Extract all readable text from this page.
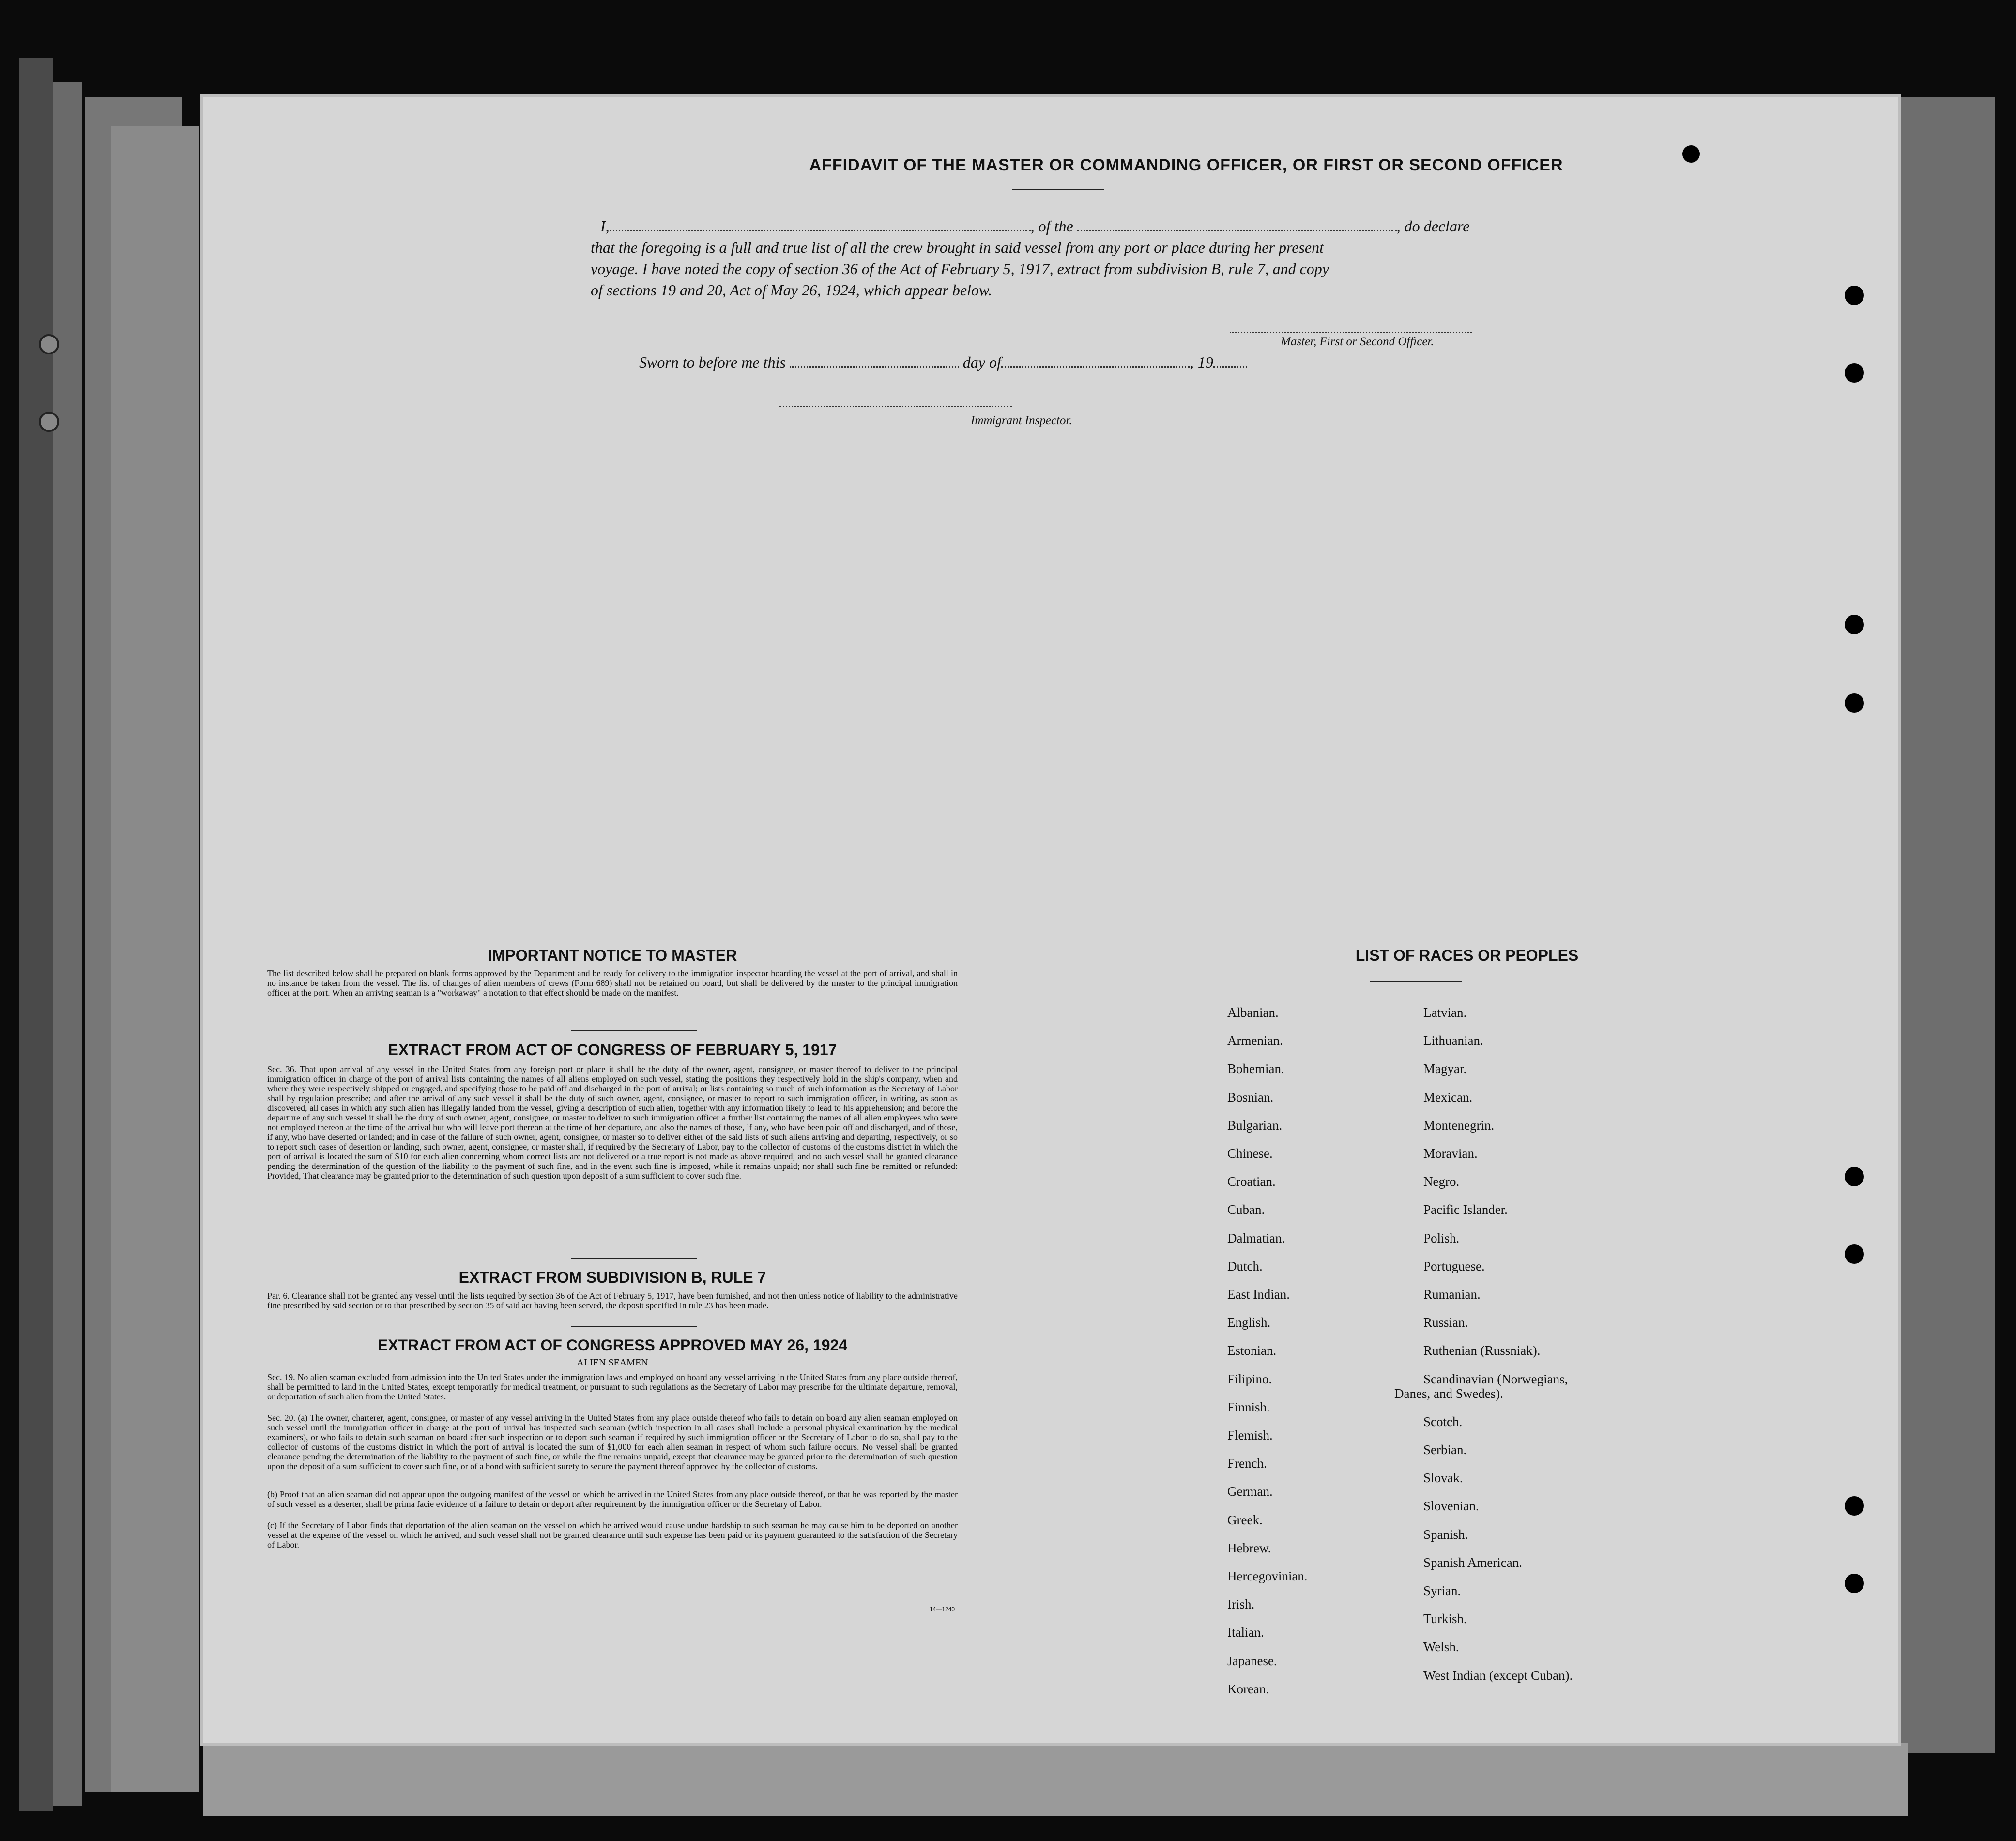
AFFIDAVIT OF THE MASTER OR COMMANDING OFFICER, OR FIRST OR SECOND OFFICER
I,	, of the	, do declare
that the foregoing is a full and true list of all the crew brought in said vessel from any port or place during her present
voyage. I have noted the copy of section 36 of the Act of February 5, 1917, extract from subdivision B, rule 7, and copy
of sections 19 and 20, Act of May 26, 1924, which appear below.
Master, First or Second Officer.
Sworn to before me this	day of	, 19
Immigrant Inspector.
IMPORTANT NOTICE TO MASTER
The list described below shall be prepared on blank forms approved by the Department and be ready for delivery to the immigration inspector boarding the vessel at the port of arrival, and shall in no instance be taken from the vessel. The list of changes of alien members of crews (Form 689) shall not be retained on board, but shall be delivered by the master to the principal immigration officer at the port. When an arriving seaman is a "workaway" a notation to that effect should be made on the manifest.
EXTRACT FROM ACT OF CONGRESS OF FEBRUARY 5, 1917
Sec. 36. That upon arrival of any vessel in the United States from any foreign port or place it shall be the duty of the owner, agent, consignee, or master thereof to deliver to the principal immigration officer in charge of the port of arrival lists containing the names of all aliens employed on such vessel, stating the positions they respectively hold in the ship's company, when and where they were respectively shipped or engaged, and specifying those to be paid off and discharged in the port of arrival; or lists containing so much of such information as the Secretary of Labor shall by regulation prescribe; and after the arrival of any such vessel it shall be the duty of such owner, agent, consignee, or master to report to such immigration officer, in writing, as soon as discovered, all cases in which any such alien has illegally landed from the vessel, giving a description of such alien, together with any information likely to lead to his apprehension; and before the departure of any such vessel it shall be the duty of such owner, agent, consignee, or master to deliver to such immigration officer a further list containing the names of all alien employees who were not employed thereon at the time of the arrival but who will leave port thereon at the time of her departure, and also the names of those, if any, who have been paid off and discharged, and of those, if any, who have deserted or landed; and in case of the failure of such owner, agent, consignee, or master so to deliver either of the said lists of such aliens arriving and departing, respectively, or so to report such cases of desertion or landing, such owner, agent, consignee, or master shall, if required by the Secretary of Labor, pay to the collector of customs of the customs district in which the port of arrival is located the sum of $10 for each alien concerning whom correct lists are not delivered or a true report is not made as above required; and no such vessel shall be granted clearance pending the determination of the question of the liability to the payment of such fine, and in the event such fine is imposed, while it remains unpaid; nor shall such fine be remitted or refunded: Provided, That clearance may be granted prior to the determination of such question upon deposit of a sum sufficient to cover such fine.
EXTRACT FROM SUBDIVISION B, RULE 7
Par. 6. Clearance shall not be granted any vessel until the lists required by section 36 of the Act of February 5, 1917, have been furnished, and not then unless notice of liability to the administrative fine prescribed by said section or to that prescribed by section 35 of said act having been served, the deposit specified in rule 23 has been made.
EXTRACT FROM ACT OF CONGRESS APPROVED MAY 26, 1924
ALIEN SEAMEN
Sec. 19. No alien seaman excluded from admission into the United States under the immigration laws and employed on board any vessel arriving in the United States from any place outside thereof, shall be permitted to land in the United States, except temporarily for medical treatment, or pursuant to such regulations as the Secretary of Labor may prescribe for the ultimate departure, removal, or deportation of such alien from the United States.
Sec. 20. (a) The owner, charterer, agent, consignee, or master of any vessel arriving in the United States from any place outside thereof who fails to detain on board any alien seaman employed on such vessel until the immigration officer in charge at the port of arrival has inspected such seaman (which inspection in all cases shall include a personal physical examination by the medical examiners), or who fails to detain such seaman on board after such inspection or to deport such seaman if required by such immigration officer or the Secretary of Labor to do so, shall pay to the collector of customs of the customs district in which the port of arrival is located the sum of $1,000 for each alien seaman in respect of whom such failure occurs. No vessel shall be granted clearance pending the determination of the liability to the payment of such fine, or while the fine remains unpaid, except that clearance may be granted prior to the determination of such question upon the deposit of a sum sufficient to cover such fine, or of a bond with sufficient surety to secure the payment thereof approved by the collector of customs.
(b) Proof that an alien seaman did not appear upon the outgoing manifest of the vessel on which he arrived in the United States from any place outside thereof, or that he was reported by the master of such vessel as a deserter, shall be prima facie evidence of a failure to detain or deport after requirement by the immigration officer or the Secretary of Labor.
(c) If the Secretary of Labor finds that deportation of the alien seaman on the vessel on which he arrived would cause undue hardship to such seaman he may cause him to be deported on another vessel at the expense of the vessel on which he arrived, and such vessel shall not be granted clearance until such expense has been paid or its payment guaranteed to the satisfaction of the Secretary of Labor.
14—1240
LIST OF RACES OR PEOPLES
Albanian.
Armenian.
Bohemian.
Bosnian.
Bulgarian.
Chinese.
Croatian.
Cuban.
Dalmatian.
Dutch.
East Indian.
English.
Estonian.
Filipino.
Finnish.
Flemish.
French.
German.
Greek.
Hebrew.
Hercegovinian.
Irish.
Italian.
Japanese.
Korean.
Latvian.
Lithuanian.
Magyar.
Mexican.
Montenegrin.
Moravian.
Negro.
Pacific Islander.
Polish.
Portuguese.
Rumanian.
Russian.
Ruthenian (Russniak).
Scandinavian (Norwegians,
Danes, and Swedes).
Scotch.
Serbian.
Slovak.
Slovenian.
Spanish.
Spanish American.
Syrian.
Turkish.
Welsh.
West Indian (except Cuban).
